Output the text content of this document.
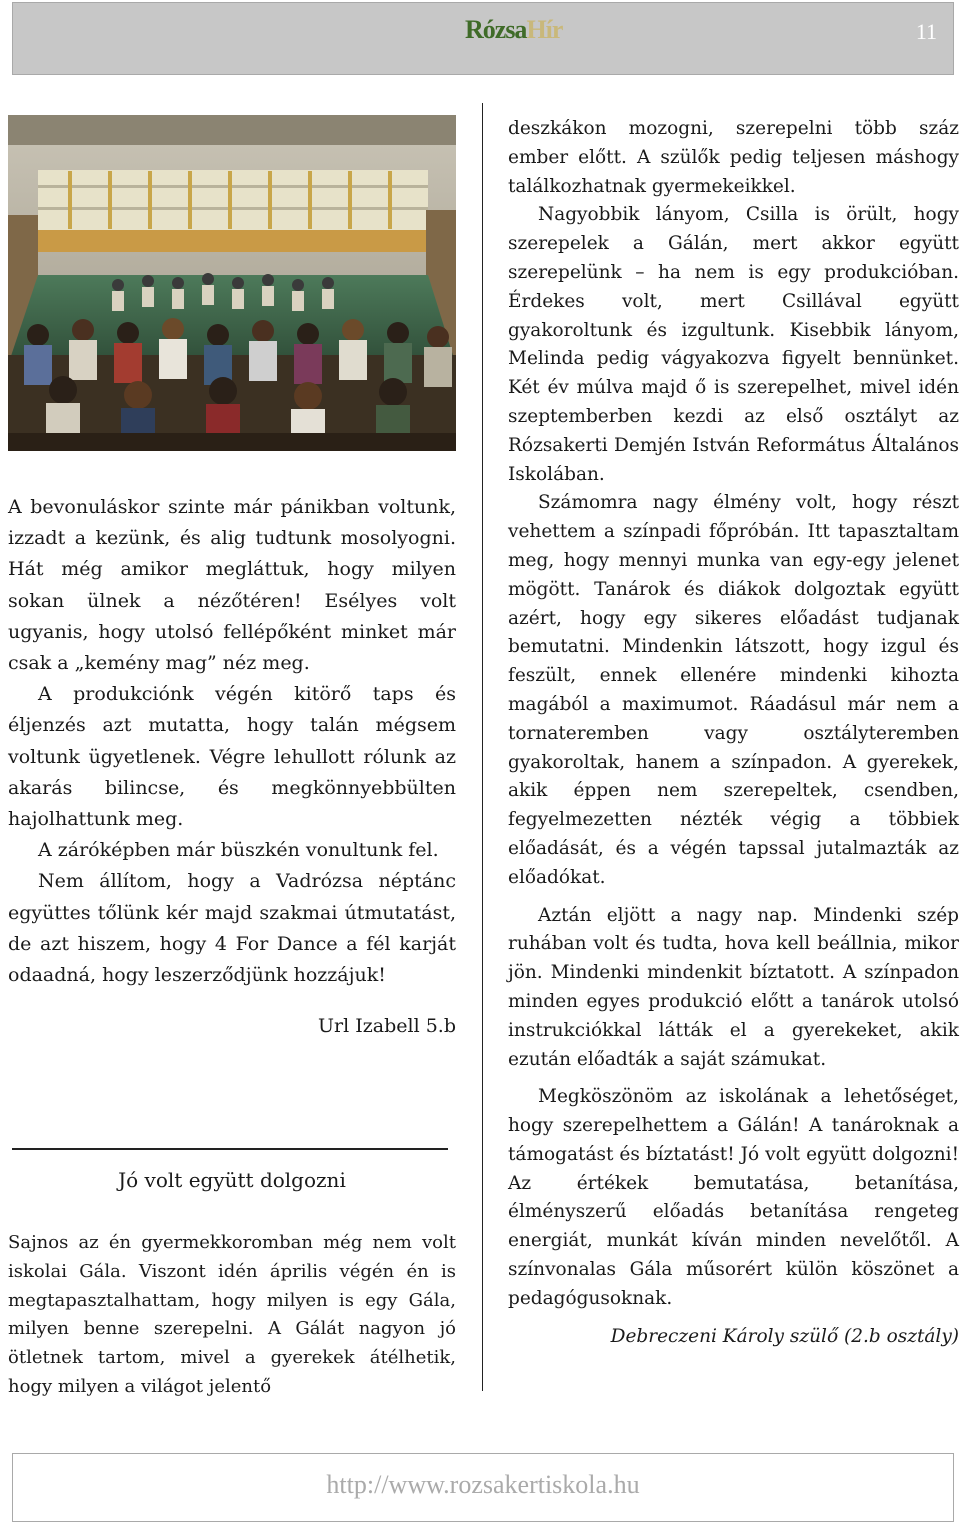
RózsaHír	11

A bevonuláskor szinte már pánikban voltunk, izzadt a kezünk, és alig tudtunk mosolyogni. Hát még amikor megláttuk, hogy milyen sokan ülnek a nézőtéren! Esélyes volt ugyanis, hogy utolsó fellépőként minket már csak a „kemény mag” néz meg.

A produkciónk végén kitörő taps és éljenzés azt mutatta, hogy talán mégsem voltunk ügyetlenek. Végre lehullott rólunk az akarás bilincse, és megkönnyebbülten hajolhattunk meg.

A záróképben már büszkén vonultunk fel.

Nem állítom, hogy a Vadrózsa néptánc együttes tőlünk kér majd szakmai útmutatást, de azt hiszem, hogy 4 For Dance a fél karját odaadná, hogy leszerződjünk hozzájuk!

Url Izabell 5.b

Jó volt együtt dolgozni

Sajnos az én gyermekkoromban még nem volt iskolai Gála. Viszont idén április végén én is megtapasztalhattam, hogy milyen is egy Gála, milyen benne szerepelni. A Gálát nagyon jó ötletnek tartom, mivel a gyerekek átélhetik, hogy milyen a világot jelentő

deszkákon mozogni, szerepelni több száz ember előtt. A szülők pedig teljesen máshogy találkozhatnak gyermekeikkel.

Nagyobbik lányom, Csilla is örült, hogy szerepelek a Gálán, mert akkor együtt szerepelünk – ha nem is egy produkcióban. Érdekes volt, mert Csillával együtt gyakoroltunk és izgultunk. Kisebbik lányom, Melinda pedig vágyakozva figyelt bennünket. Két év múlva majd ő is szerepelhet, mivel idén szeptemberben kezdi az első osztályt az Rózsakerti Demjén István Református Általános Iskolában.

Számomra nagy élmény volt, hogy részt vehettem a színpadi főpróbán. Itt tapasztaltam meg, hogy mennyi munka van egy-egy jelenet mögött. Tanárok és diákok dolgoztak együtt azért, hogy egy sikeres előadást tudjanak bemutatni. Mindenkin látszott, hogy izgul és feszült, ennek ellenére mindenki kihozta magából a maximumot. Ráadásul már nem a tornateremben vagy osztályteremben gyakoroltak, hanem a színpadon. A gyerekek, akik éppen nem szerepeltek, csendben, fegyelmezetten nézték végig a többiek előadását, és a végén tapssal jutalmazták az előadókat.

Aztán eljött a nagy nap. Mindenki szép ruhában volt és tudta, hova kell beállnia, mikor jön. Mindenki mindenkit bíztatott. A színpadon minden egyes produkció előtt a tanárok utolsó instrukciókkal látták el a gyerekeket, akik ezután előadták a saját számukat.

Megköszönöm az iskolának a lehetőséget, hogy szerepelhettem a Gálán! A tanároknak a támogatást és bíztatást! Jó volt együtt dolgozni! Az értékek bemutatása, betanítása, élményszerű előadás betanítása rengeteg energiát, munkát kíván minden nevelőtől. A színvonalas Gála műsorért külön köszönet a pedagógusoknak.

Debreczeni Károly szülő (2.b osztály)

http://www.rozsakertiskola.hu
